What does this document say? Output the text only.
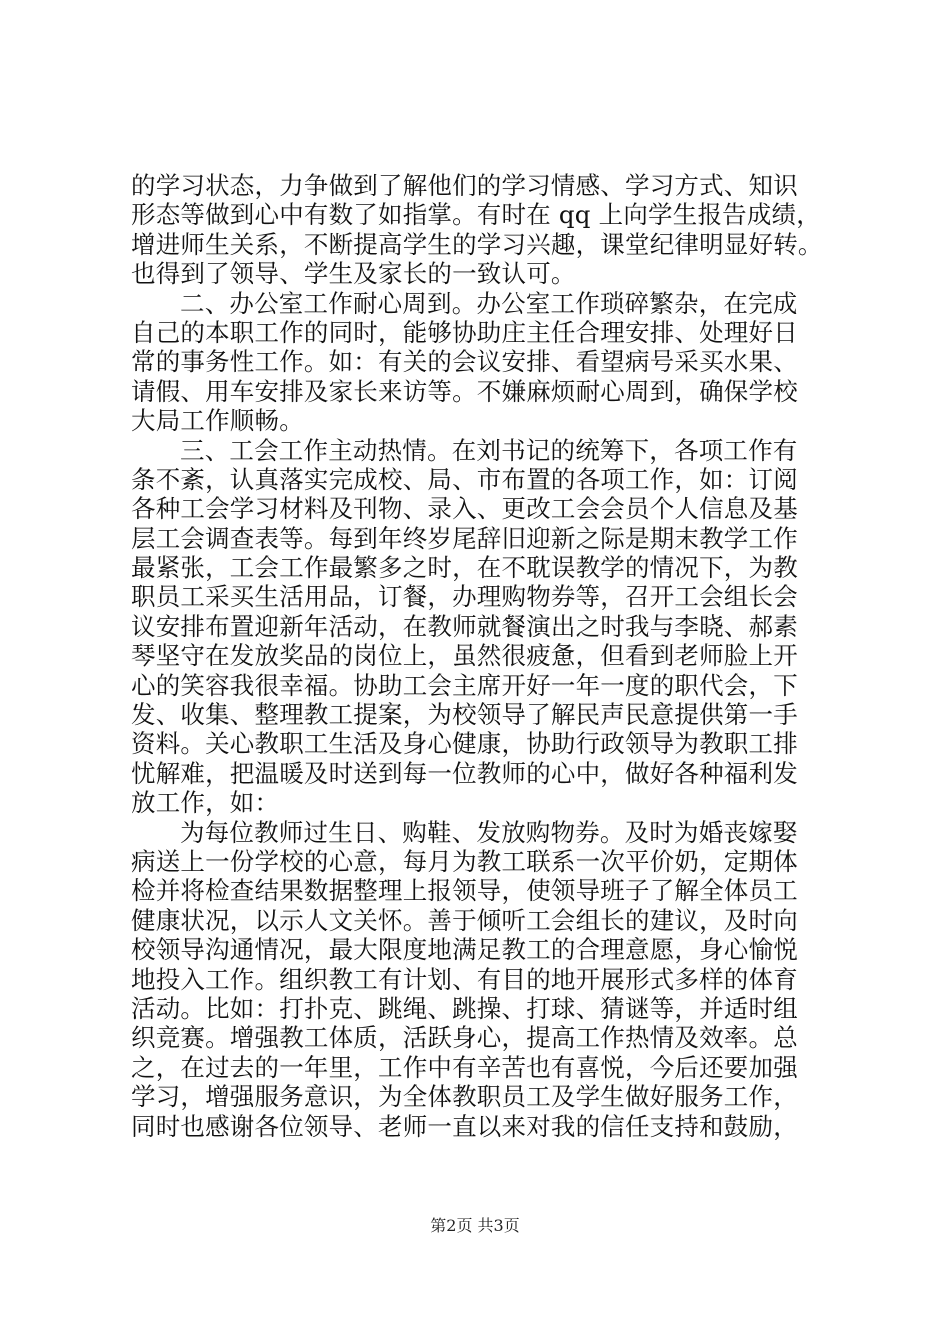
的学习状态，力争做到了解他们的学习情感、学习方式、知识
形态等做到心中有数了如指掌。有时在 qq 上向学生报告成绩，
增进师生关系，不断提高学生的学习兴趣，课堂纪律明显好转。
也得到了领导、学生及家长的一致认可。
二、办公室工作耐心周到。办公室工作琐碎繁杂，在完成
自己的本职工作的同时，能够协助庄主任合理安排、处理好日
常的事务性工作。如：有关的会议安排、看望病号采买水果、
请假、用车安排及家长来访等。不嫌麻烦耐心周到，确保学校
大局工作顺畅。
三、工会工作主动热情。在刘书记的统筹下，各项工作有
条不紊，认真落实完成校、局、市布置的各项工作，如：订阅
各种工会学习材料及刊物、录入、更改工会会员个人信息及基
层工会调查表等。每到年终岁尾辞旧迎新之际是期末教学工作
最紧张，工会工作最繁多之时，在不耽误教学的情况下，为教
职员工采买生活用品，订餐，办理购物券等，召开工会组长会
议安排布置迎新年活动，在教师就餐演出之时我与李晓、郝素
琴坚守在发放奖品的岗位上，虽然很疲惫，但看到老师脸上开
心的笑容我很幸福。协助工会主席开好一年一度的职代会，下
发、收集、整理教工提案，为校领导了解民声民意提供第一手
资料。关心教职工生活及身心健康，协助行政领导为教职工排
忧解难，把温暖及时送到每一位教师的心中，做好各种福利发
放工作，如：
为每位教师过生日、购鞋、发放购物券。及时为婚丧嫁娶
病送上一份学校的心意，每月为教工联系一次平价奶，定期体
检并将检查结果数据整理上报领导，使领导班子了解全体员工
健康状况，以示人文关怀。善于倾听工会组长的建议，及时向
校领导沟通情况，最大限度地满足教工的合理意愿，身心愉悦
地投入工作。组织教工有计划、有目的地开展形式多样的体育
活动。比如：打扑克、跳绳、跳操、打球、猜谜等，并适时组
织竞赛。增强教工体质，活跃身心，提高工作热情及效率。总
之，在过去的一年里，工作中有辛苦也有喜悦，今后还要加强
学习，增强服务意识，为全体教职员工及学生做好服务工作，
同时也感谢各位领导、老师一直以来对我的信任支持和鼓励，
第2页 共3页
